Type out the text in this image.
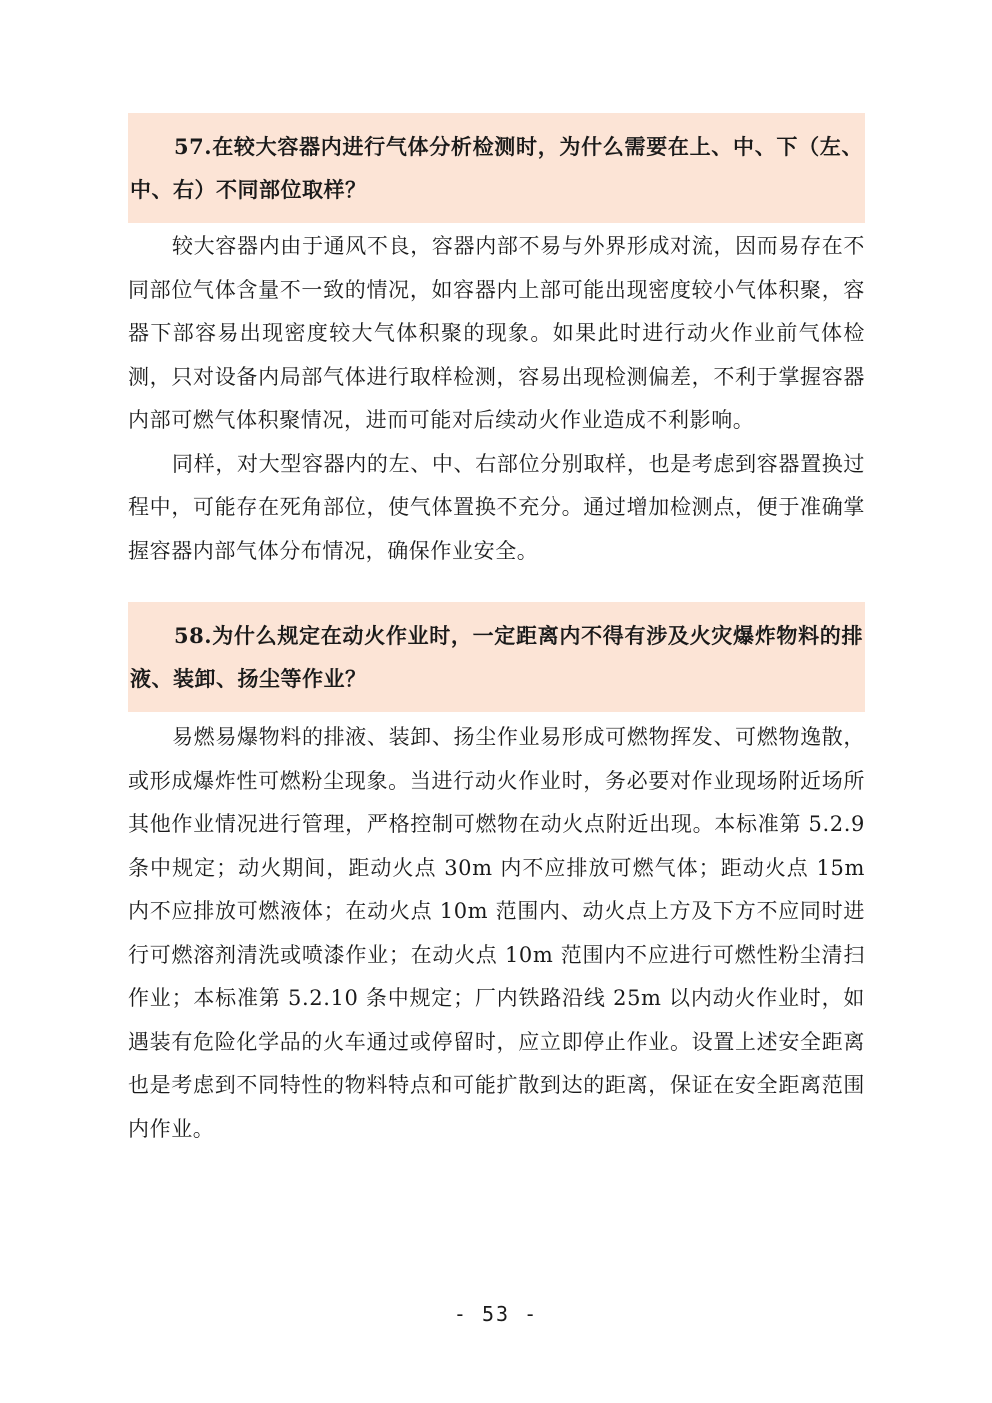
57.在较大容器内进行气体分析检测时，为什么需要在上、中、下（左、中、右）不同部位取样？

较大容器内由于通风不良，容器内部不易与外界形成对流，因而易存在不同部位气体含量不一致的情况，如容器内上部可能出现密度较小气体积聚，容器下部容易出现密度较大气体积聚的现象。如果此时进行动火作业前气体检测，只对设备内局部气体进行取样检测，容易出现检测偏差，不利于掌握容器内部可燃气体积聚情况，进而可能对后续动火作业造成不利影响。

同样，对大型容器内的左、中、右部位分别取样，也是考虑到容器置换过程中，可能存在死角部位，使气体置换不充分。通过增加检测点，便于准确掌握容器内部气体分布情况，确保作业安全。

58.为什么规定在动火作业时，一定距离内不得有涉及火灾爆炸物料的排液、装卸、扬尘等作业？

易燃易爆物料的排液、装卸、扬尘作业易形成可燃物挥发、可燃物逸散，或形成爆炸性可燃粉尘现象。当进行动火作业时，务必要对作业现场附近场所其他作业情况进行管理，严格控制可燃物在动火点附近出现。本标准第 5.2.9 条中规定；动火期间，距动火点 30m 内不应排放可燃气体；距动火点 15m 内不应排放可燃液体；在动火点 10m 范围内、动火点上方及下方不应同时进行可燃溶剂清洗或喷漆作业；在动火点 10m 范围内不应进行可燃性粉尘清扫作业；本标准第 5.2.10 条中规定；厂内铁路沿线 25m 以内动火作业时，如遇装有危险化学品的火车通过或停留时，应立即停止作业。设置上述安全距离也是考虑到不同特性的物料特点和可能扩散到达的距离，保证在安全距离范围内作业。

- 53 -
